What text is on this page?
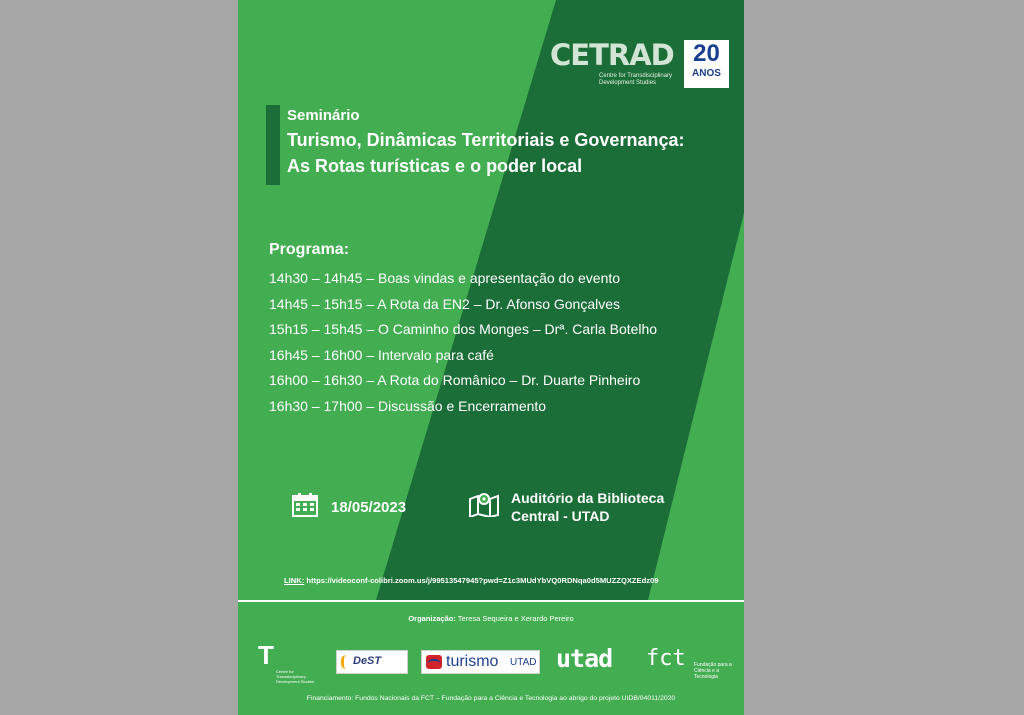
CETRAD
Centre for Transdisciplinary Development Studies
20
ANOS
Seminário
Turismo, Dinâmicas Territoriais e Governança:
As Rotas turísticas e o poder local
Programa:
14h30 – 14h45 – Boas vindas e apresentação do evento
14h45 – 15h15 – A Rota da EN2 – Dr. Afonso Gonçalves
15h15 – 15h45 – O Caminho dos Monges – Drª. Carla Botelho
16h45 – 16h00 – Intervalo para café
16h00 – 16h30 – A Rota do Românico – Dr. Duarte Pinheiro
16h30 – 17h00 – Discussão e Encerramento
18/05/2023
Auditório da Biblioteca
Central - UTAD
LINK: https://videoconf-colibri.zoom.us/j/99513547945?pwd=Z1c3MUdYbVQ0RDNqa0d5MUZZQXZEdz09
Organização: Teresa Sequeira e Xerardo Pereiro
T
Centre for Transdisciplinary Development Studies
DeST	turismo UTAD utad fct Fundação para a Ciência e a Tecnologia
Financiamento: Fundos Nacionais da FCT – Fundação para a Ciência e Tecnologia ao abrigo do projeto UIDB/04011/2020
